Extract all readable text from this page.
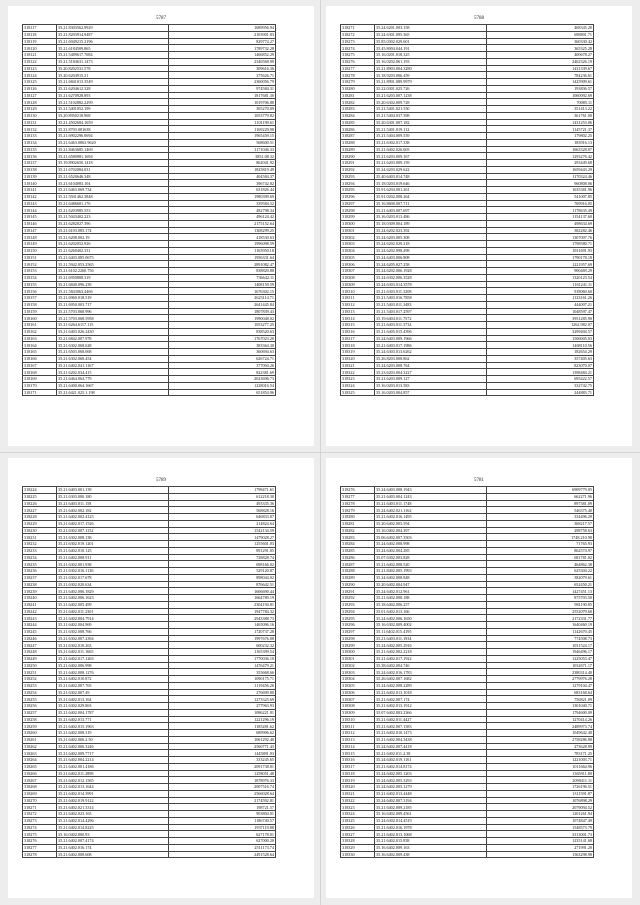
5787
318117	35.21.8303562.9929	1689956.94
318118	35.21.8203914.9487	2103901.83
318119	35.21.6949215.2196	829774.27
318120	35.21.6184509.865	1789732.28
318121	35.21.5489617.7684	1466852.29
318122	35.21.5184631.1473	2346568.99
318123	35.20.8202531.578	309616.36
318124	35.20.6204915.21	375626.71
318125	35.21.6841013.3549	2360056.79
318126	35.21.6204612.328	974584.31
318127	35.21.6270928.893	1817681.30
318128	35.21.5102882.2299	1019706.88
318129	35.21.5401052.199	305270.09
318130	35.20.8950218.968	1053779.82
318131	35.21.4502684.1659	1101199.61
318132	35.21.8703.081638	1169229.98
318133	35.21.6902296.0694	1965459.15
318134	35.21.6463.0863.9620	568600.51
318135	35.21.8463685.1469	1171046.33
318136	35.21.6580981.1694	3851.08.32
318137	35.19.8902650.1418	862041.92
318138	35.21.6702084.031	1825819.49
318139	35.21.6520646.348	404584.37
318140	35.21.6104083.104	396742.82
318141	35.21.6463.069.734	631826.44
318142	35.21.5941462.3848	1980399.69
318143	35.21.6486601.176	339584.52
318144	35.21.6203985.553	482798.34
318145	35.21.5043402.223	496124.42
318146	35.21.6282027.396	2175152.64
318147	35.21.6103.085.174	1308299.25
318148	35.21.6208.002.19	418530.63
318149	35.21.6202052.926	1996098.59
318150	35.21.6260402.331	1165950.18
318151	35.21.6403.085.0675	1956331.64
318152	35.21.5942.053.2565	2891082.47
318153	35.21.6102.2260.756	838820.88
318154	35.21.6950808.319	736642.11
318155	35.21.6840.096.239	1408159.59
318156	35.21.5843063.4466	1676302.15
318157	35.21.6960.018.519	2623114.71
318158	35.21.6950.003.717	2641445.84
318159	35.21.5703.068.996	1807839.43
318160	35.21.5703.068.5958	1990048.02
318161	35.21.6264.6117.115	1053277.25
318162	35.21.6403.026.2430	838520.63
318163	35.21.6842.007.978	1767023.20
318164	35.21.6302.068.628	383364.30
318165	35.21.6503.068.068	360694.63
318166	35.21.6302.068.454	626724.71
318167	35.21.6402.041.1167	377094.26
318168	35.21.6202.034.415	822381.69
318169	35.21.6464.064.779	2023696.73
318170	35.21.6400.064.1667	1228016.54
318171	35.21.6421.025.1.198	651854.96
5788
318271	35.24.6201.093.158	468345.20
318272	35.24.6301.095.365	698801.71
318273	35.85.0302.029.601	360330.42
318274	35.45.8004.044.191	365325.28
318275	35.16.0201.018.325	400678.27
318276	35.16.0202.061.193	2402326.19
318277	35.21.8903.004.3280	1431339.67
318278	35.18.9203.006.459	784236.61
318279	35.21.8901.089.9979	1425909.61
318280	35.22.0301.025.726	193836.57
318281	35.21.6203.007.1238	1060092.69
318282	35.20.6302.009.728	70085.11
318283	35.21.5401.021.550	351413.22
318284	35.21.5404.037.398	361761.00
318285	35.20.6301.007.182	1431253.06
318286	35.21.5401.019.112	1145721.37
318287	35.21.5404.009.539	179802.25
318288	35.21.6302.017.338	183916.13
318289	35.21.6402.026.605	1663328.07
318290	35.21.6203.009.167	1293276.42
318291	35.21.6203.009.159	293449.68
318292	35.24.6203.029.622	1659443.29
318293	35.40.6403.014.748	1170324.46
318294	35.18.0203.019.646	960808.06
318295	35.91.6204.001.261	1635381.96
318296	35.91.0202.008.264	541007.85
318297	35.16.8600.007.711	769916.05
318298	35.21.6403.007.697	1178635.49
318299	35.16.0203.013.486	1154137.60
318300	35.18.0309.004.189	498634.69
318301	35.24.6202.023.392	382282.46
318302	35.24.6203.005.308	1307007.76
318303	35.24.6202.029.218	1798580.71
318304	35.24.6202.098.498	1031691.93
318305	35.24.6403.006.808	1790178.18
318306	35.24.6205.027.258	1221957.69
318307	35.24.6202.006.1928	900469.29
318308	35.24.6302.006.3528	1320123.54
318309	35.24.6303.014.3578	1161241.11
318310	35.21.6303.011.3208	918060.60
318311	35.21.5403.016.7858	1123161.26
318312	35.21.5403.011.3483	444007.21
318313	35.21.5403.017.2597	1048597.47
318314	35.19.6404.011.7572	3951285.90
318315	35.21.6403.011.3734	1262.982.07
318316	35.21.6405.015.4396	3299404.57
318317	35.24.6403.009.1966	1506005.03
318318	35.21.6403.017.1986	1468110.56
318319	35.24.6303.013.6262	182654.29
318320	35.26.8203.008.862	357405.63
318321	35.24.6203.008.764	823070.07
318322	35.23.6203.004.3227	1398484.21
318323	35.21.6203.009.127	695422.57
318324	35.16.0203.013.583	332742.75
318325	35.16.0203.004.857	244883.71
5789
318224	35.21.6403.001.139	1798471.61
318225	35.21.6303.000.180	612218.30
318226	35.21.6403.011.158	493335.36
318227	35.21.6402.002.182	568828.16
318228	35.21.6402.002.4125	646833.07
318229	35.21.6402.017.1526	214824.64
318230	35.21.6302.007.1152	1542134.59
318231	35.21.6302.008.138	1479028.27
318232	35.21.6302.019.1201	1255601.03
318233	35.21.6402.010.125	891291.05
318234	35.21.6402.008.911	728828.74
318235	35.21.6302.001.938	698166.02
318236	35.21.6302.016.1136	529120.87
318237	35.21.6302.017.678	898044.02
318238	35.21.6302.020.634	876642.51
318239	35.21.6402.006.1829	1606690.44
318240	35.21.6402.006.1623	1664780.19
318241	35.21.6402.005.499	2304194.81
318242	35.21.6402.011.2301	1947784.32
318243	35.21.6402.004.7914	2943388.73
318244	35.21.6402.004.969	1465096.16
318245	35.21.6302.008.766	1720737.28
318246	35.21.6302.007.2394	1997676.08
318247	35.21.6302.010.263	600232.32
318248	35.21.6402.011.1665	1165399.54
318249	35.21.6402.017.1263	1770036.10
318250	35.21.6402.006.998	1476479.21
318251	35.21.6402.008.1276	355668.66
318252	35.21.6402.010.872	1090175.71
318253	35.21.6402.007.765	1119456.26
318254	35.21.6302.007.49	276699.80
318255	35.21.6402.013.164	1273325.69
318256	35.21.6302.029.863	277963.93
318257	35.21.6402.004.1787	1086221.01
318258	35.21.6402.013.771	1221296.19
318259	35.21.6402.015.1963	1185281.62
318260	35.21.6402.008.319	689906.62
318261	35.21.6402.006.2.50	1061292.40
318262	35.21.6402.006.3246	2560771.43
318263	35.21.6402.009.7717	1445891.93
318264	35.21.6402.004.2214	333245.65
318265	35.21.6402.001.4186	2091738.01
318266	35.21.6402.011.2898	1258051.48
318267	35.21.6402.012.1565	1878976.33
318268	35.21.6402.013.1644	2007516.74
318269	35.21.6402.014.3991	2566028.64
318270	35.21.6402.019.9122	2174592.81
318271	35.21.6402.021.3314	198721.57
318272	35.21.6402.023.165	903804.01
318273	35.21.6402.014.4296	1186740.57
318274	35.21.6402.014.8225	1937119.88
318275	35.16.0402.000.93	627178.01
318276	35.21.6402.007.4174	627000.20
318277	35.21.6402.016.174	2511173.74
318278	35.21.6402.008.608	2491528.64
5781
318276	35.24.6403.008.1943	6909779.05
318277	35.21.6403.004.1243	662271.96
318278	35.21.6403.011.1748	897381.09
318279	35.24.6402.021.1162	546375.40
318280	35.21.6402.016.1495	334496.29
318281	35.20.6402.005.594	368217.57
318282	35.16.0402.004.397	298758.63
318283	35.06.6402.007.3503	1748.210.98
318284	35.24.6402.008.998	71765.93
318285	35.24.6402.004.285	862574.97
318286	35.07.6302.003.828	681781.02
318287	35.21.6402.008.520	464862.38
318288	35.21.8402.005.1993	625304.22
318289	35.24.6402.008.848	382079.61
318290	35.20.6402.004.947	652450.21
318291	35.24.6402.012.961	1427451.13
318292	35.21.6402.008.188	875703.50
318293	35.18.6402.006.257	981190.85
318294	35.01.6402.013.166	2552079.60
318295	35.24.6402.006.1650	2172331.77
318296	35.16.6302.009.4002	1640460.19
318297	35.11.6402.015.4195	1142670.45
318298	35.21.6403.011.1934	774508.73
318299	35.24.6402.005.2916	1031524.17
318300	35.21.6402.002.2218	1946496.17
318301	35.21.6402.017.1922	1225053.47
318302	35.38.6402.004.746	1032671.17
318303	35.24.6402.016.1783	2380314.40
318304	35.26.6402.007.1682	2779976.28
318305	35.24.6402.008.2289	1279104.47
318306	35.21.6402.013.1018	683168.64
318307	35.21.6402.007.174	756821.09
318308	35.21.6402.013.1912	1301040.71
318309	35.07.6402.003.2366	1794600.09
318310	35.21.6402.011.4427	1270414.26
318311	35.21.6402.007.1583	2489973.74
318312	35.21.6402.010.1473	1049642.40
318313	35.21.6402.004.3438	2758286.88
318314	35.24.6402.007.4418	273628.99
318315	35.21.6402.011.2.38	783171.25
318316	35.24.6402.019.1161	1221003.71
318317	35.21.6402.014.8174	1011664.96
318318	35.24.6402.005.1203	1365911.80
318319	35.24.6402.005.3293	2090411.11
318320	35.24.6402.005.1279	1726196.51
318321	35.21.6402.013.4448	1311591.87
318322	35.24.6402.007.3194	1076898.29
318323	35.21.6402.009.2185	2079094.52
318324	35.16.6402.009.4561	1201261.94
318325	35.24.6302.014.4519	1074847.49
318326	35.21.6402.016.1978	1548573.79
318327	35.21.6402.013.1068	3313001.73
318328	35.21.6402.015.838	1235141.68
318329	35.16.6402.009.163	271991.20
318330	35.16.6402.009.438	1563298.98
